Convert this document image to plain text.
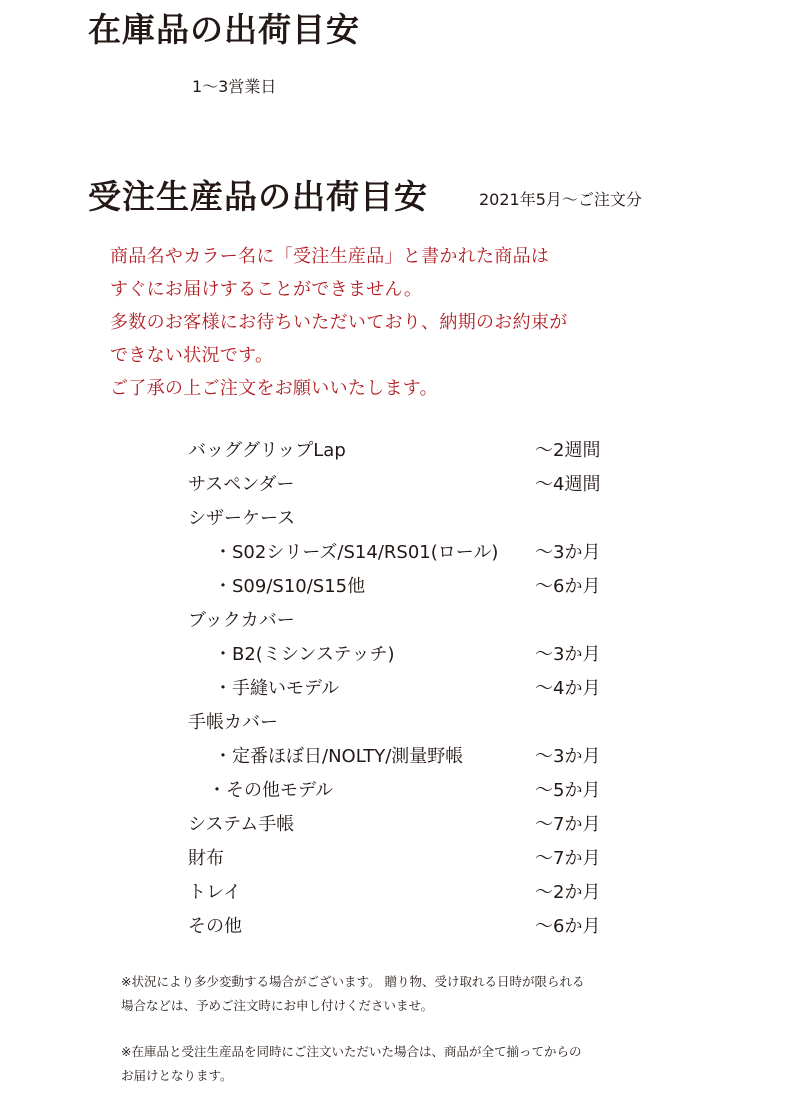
在庫品の出荷目安
1〜3営業日
受注生産品の出荷目安	2021年5月〜ご注文分
商品名やカラー名に「受注生産品」と書かれた商品は
すぐにお届けすることができません。
多数のお客様にお待ちいただいており、納期のお約束が
できない状況です。
ご了承の上ご注文をお願いいたします。
バッググリップLap	〜2週間
サスペンダー	〜4週間
シザーケース
・S02シリーズ/S14/RS01(ロール) 〜3か月
・S09/S10/S15他	〜6か月
ブックカバー
・B2(ミシンステッチ)	〜3か月
・手縫いモデル	〜4か月
手帳カバー
・定番ほぼ日/NOLTY/測量野帳	〜3か月
・その他モデル	〜5か月
システム手帳	〜7か月
財布	〜7か月
トレイ	〜2か月
その他	〜6か月
※状況により多少変動する場合がございます。 贈り物、受け取れる日時が限られる
場合などは、予めご注文時にお申し付けくださいませ。
※在庫品と受注生産品を同時にご注文いただいた場合は、商品が全て揃ってからの
お届けとなります。
